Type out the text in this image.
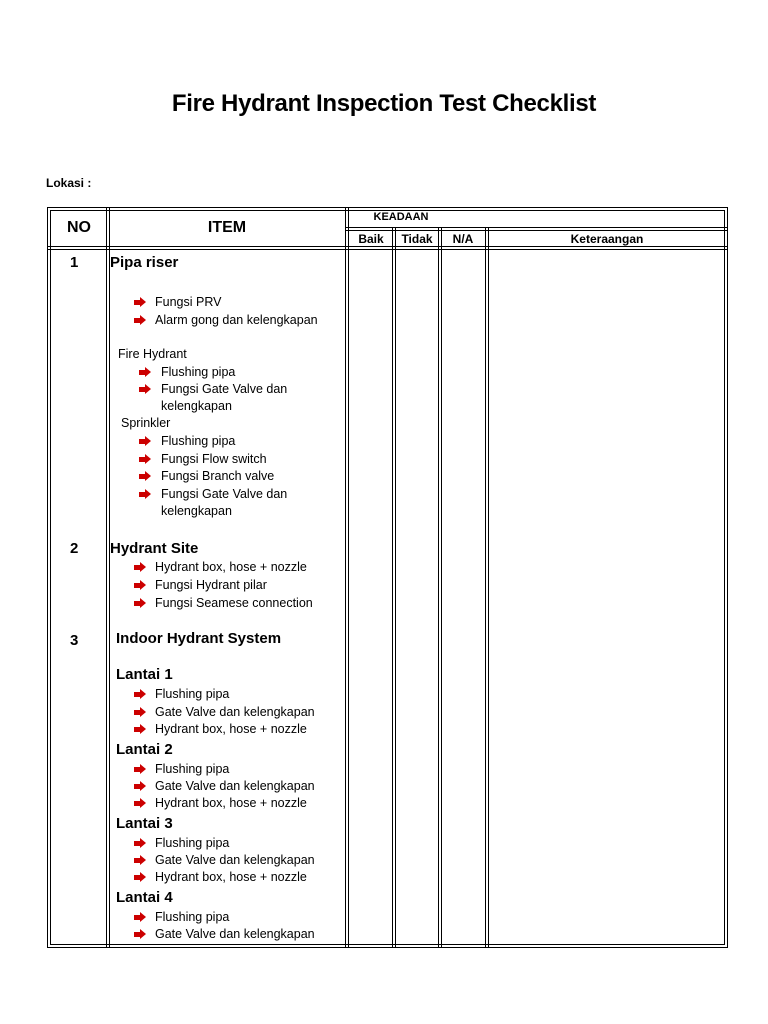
Fire Hydrant Inspection Test Checklist
Lokasi :
NO	ITEM
KEADAAN
Baik	Tidak	N/A	Keteraangan
1 Pipa riser
Fungsi PRV
Alarm gong dan kelengkapan
Fire Hydrant
Flushing pipa
Fungsi Gate Valve dan
kelengkapan
Sprinkler
Flushing pipa
Fungsi Flow switch
Fungsi Branch valve
Fungsi Gate Valve dan
kelengkapan
2 Hydrant Site
Hydrant box, hose + nozzle
Fungsi Hydrant pilar
Fungsi Seamese connection
3	Indoor Hydrant System
Lantai 1
Flushing pipa
Gate Valve dan kelengkapan
Hydrant box, hose + nozzle
Lantai 2
Flushing pipa
Gate Valve dan kelengkapan
Hydrant box, hose + nozzle
Lantai 3
Flushing pipa
Gate Valve dan kelengkapan
Hydrant box, hose + nozzle
Lantai 4
Flushing pipa
Gate Valve dan kelengkapan
